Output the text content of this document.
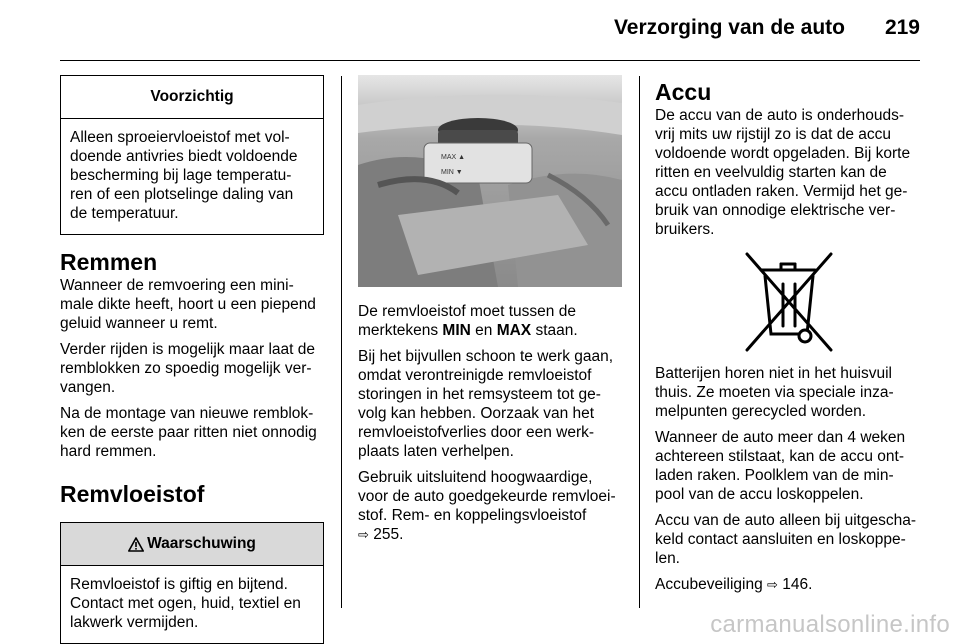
Verzorging van de auto	219
Voorzichtig
Alleen sproeiervloeistof met vol-
doende antivries biedt voldoende
bescherming bij lage temperatu-
ren of een plotselinge daling van
de temperatuur.
Remmen

Wanneer de remvoering een mini-
male dikte heeft, hoort u een piepend
geluid wanneer u remt.

Verder rijden is mogelijk maar laat de
remblokken zo spoedig mogelijk ver-
vangen.

Na de montage van nieuwe remblok-
ken de eerste paar ritten niet onnodig
hard remmen.

Remvloeistof
Waarschuwing
Remvloeistof is giftig en bijtend.
Contact met ogen, huid, textiel en
lakwerk vermijden.
MAX ▲
MIN ▼

De remvloeistof moet tussen de
merktekens MIN en MAX staan.

Bij het bijvullen schoon te werk gaan,
omdat verontreinigde remvloeistof
storingen in het remsysteem tot ge-
volg kan hebben. Oorzaak van het
remvloeistofverlies door een werk-
plaats laten verhelpen.

Gebruik uitsluitend hoogwaardige,
voor de auto goedgekeurde remvloei-
stof. Rem- en koppelingsvloeistof
⇨ 255.

Accu

De accu van de auto is onderhouds-
vrij mits uw rijstijl zo is dat de accu
voldoende wordt opgeladen. Bij korte
ritten en veelvuldig starten kan de
accu ontladen raken. Vermijd het ge-
bruik van onnodige elektrische ver-
bruikers.

Batterijen horen niet in het huisvuil
thuis. Ze moeten via speciale inza-
melpunten gerecycled worden.

Wanneer de auto meer dan 4 weken
achtereen stilstaat, kan de accu ont-
laden raken. Poolklem van de min-
pool van de accu loskoppelen.

Accu van de auto alleen bij uitgescha-
keld contact aansluiten en loskoppe-
len.

Accubeveiliging ⇨ 146.

carmanualsonline.info
